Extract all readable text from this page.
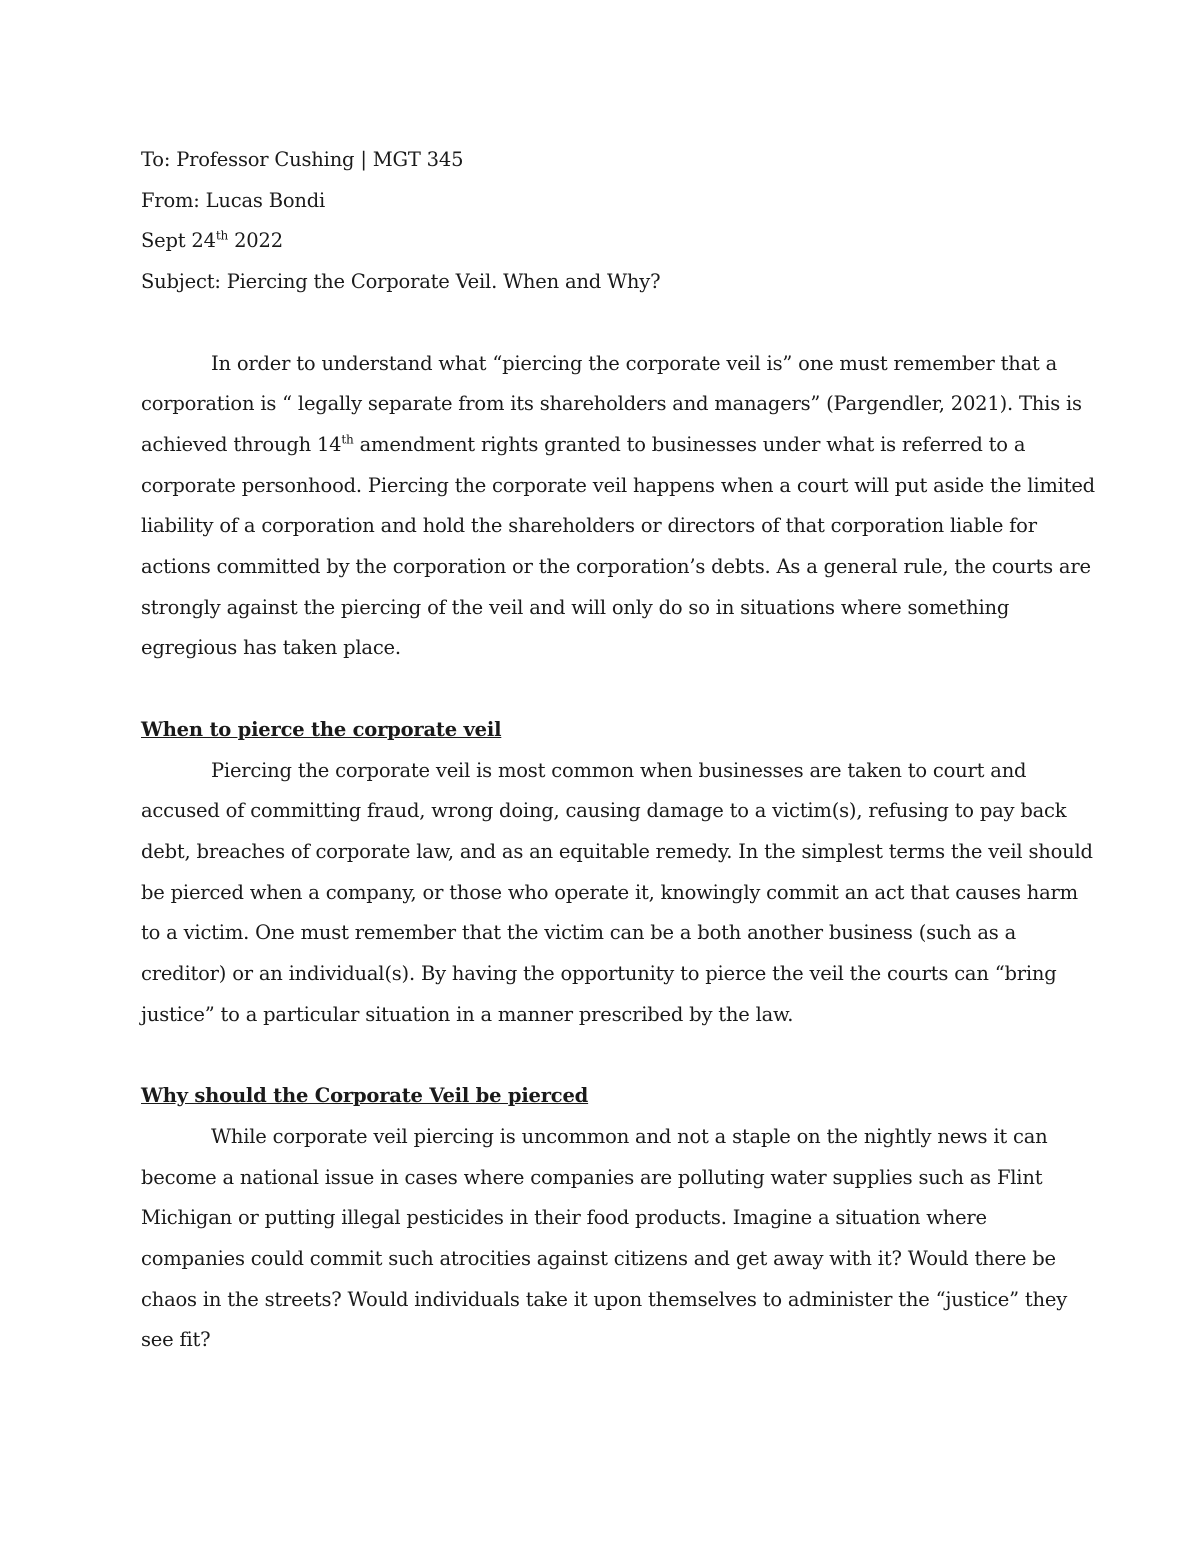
To: Professor Cushing | MGT 345

From: Lucas Bondi

Sept 24th 2022

Subject: Piercing the Corporate Veil. When and Why?

In order to understand what “piercing the corporate veil is” one must remember that a

corporation is “ legally separate from its shareholders and managers” (Pargendler, 2021). This is

achieved through 14th amendment rights granted to businesses under what is referred to a

corporate personhood. Piercing the corporate veil happens when a court will put aside the limited

liability of a corporation and hold the shareholders or directors of that corporation liable for

actions committed by the corporation or the corporation’s debts. As a general rule, the courts are

strongly against the piercing of the veil and will only do so in situations where something

egregious has taken place.

When to pierce the corporate veil

Piercing the corporate veil is most common when businesses are taken to court and

accused of committing fraud, wrong doing, causing damage to a victim(s), refusing to pay back

debt, breaches of corporate law, and as an equitable remedy. In the simplest terms the veil should

be pierced when a company, or those who operate it, knowingly commit an act that causes harm

to a victim. One must remember that the victim can be a both another business (such as a

creditor) or an individual(s). By having the opportunity to pierce the veil the courts can “bring

justice” to a particular situation in a manner prescribed by the law.

Why should the Corporate Veil be pierced

While corporate veil piercing is uncommon and not a staple on the nightly news it can

become a national issue in cases where companies are polluting water supplies such as Flint

Michigan or putting illegal pesticides in their food products. Imagine a situation where

companies could commit such atrocities against citizens and get away with it? Would there be

chaos in the streets? Would individuals take it upon themselves to administer the “justice” they

see fit?
